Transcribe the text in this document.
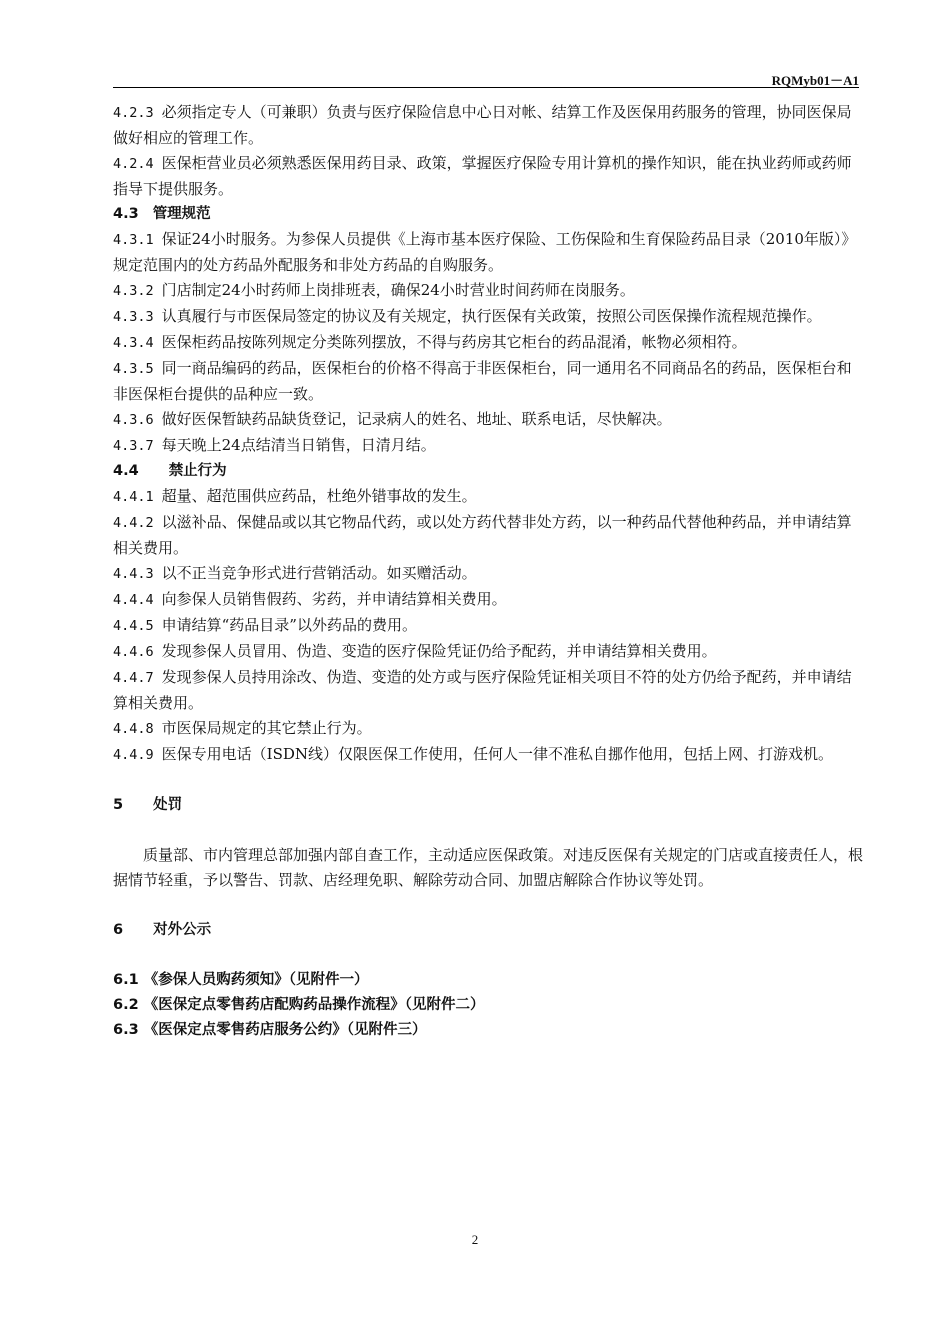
RQMyb01－A1

4.2.3 必须指定专人（可兼职）负责与医疗保险信息中心日对帐、结算工作及医保用药服务的管理，协同医保局做好相应的管理工作。

4.2.4 医保柜营业员必须熟悉医保用药目录、政策，掌握医疗保险专用计算机的操作知识，能在执业药师或药师指导下提供服务。

4.3 管理规范

4.3.1 保证24小时服务。为参保人员提供《上海市基本医疗保险、工伤保险和生育保险药品目录（2010年版）》规定范围内的处方药品外配服务和非处方药品的自购服务。

4.3.2 门店制定24小时药师上岗排班表，确保24小时营业时间药师在岗服务。

4.3.3 认真履行与市医保局签定的协议及有关规定，执行医保有关政策，按照公司医保操作流程规范操作。

4.3.4 医保柜药品按陈列规定分类陈列摆放，不得与药房其它柜台的药品混淆，帐物必须相符。

4.3.5 同一商品编码的药品，医保柜台的价格不得高于非医保柜台，同一通用名不同商品名的药品，医保柜台和非医保柜台提供的品种应一致。

4.3.6 做好医保暂缺药品缺货登记，记录病人的姓名、地址、联系电话，尽快解决。

4.3.7 每天晚上24点结清当日销售，日清月结。

4.4 禁止行为

4.4.1 超量、超范围供应药品，杜绝外错事故的发生。

4.4.2 以滋补品、保健品或以其它物品代药，或以处方药代替非处方药，以一种药品代替他种药品，并申请结算相关费用。

4.4.3 以不正当竞争形式进行营销活动。如买赠活动。

4.4.4 向参保人员销售假药、劣药，并申请结算相关费用。

4.4.5 申请结算“药品目录”以外药品的费用。

4.4.6 发现参保人员冒用、伪造、变造的医疗保险凭证仍给予配药，并申请结算相关费用。

4.4.7 发现参保人员持用涂改、伪造、变造的处方或与医疗保险凭证相关项目不符的处方仍给予配药，并申请结算相关费用。

4.4.8 市医保局规定的其它禁止行为。

4.4.9 医保专用电话（ISDN线）仅限医保工作使用，任何人一律不准私自挪作他用，包括上网、打游戏机。

5 处罚

质量部、市内管理总部加强内部自查工作，主动适应医保政策。对违反医保有关规定的门店或直接责任人，根据情节轻重，予以警告、罚款、店经理免职、解除劳动合同、加盟店解除合作协议等处罚。

6 对外公示

6.1 《参保人员购药须知》（见附件一）

6.2 《医保定点零售药店配购药品操作流程》（见附件二）

6.3 《医保定点零售药店服务公约》（见附件三）

2
